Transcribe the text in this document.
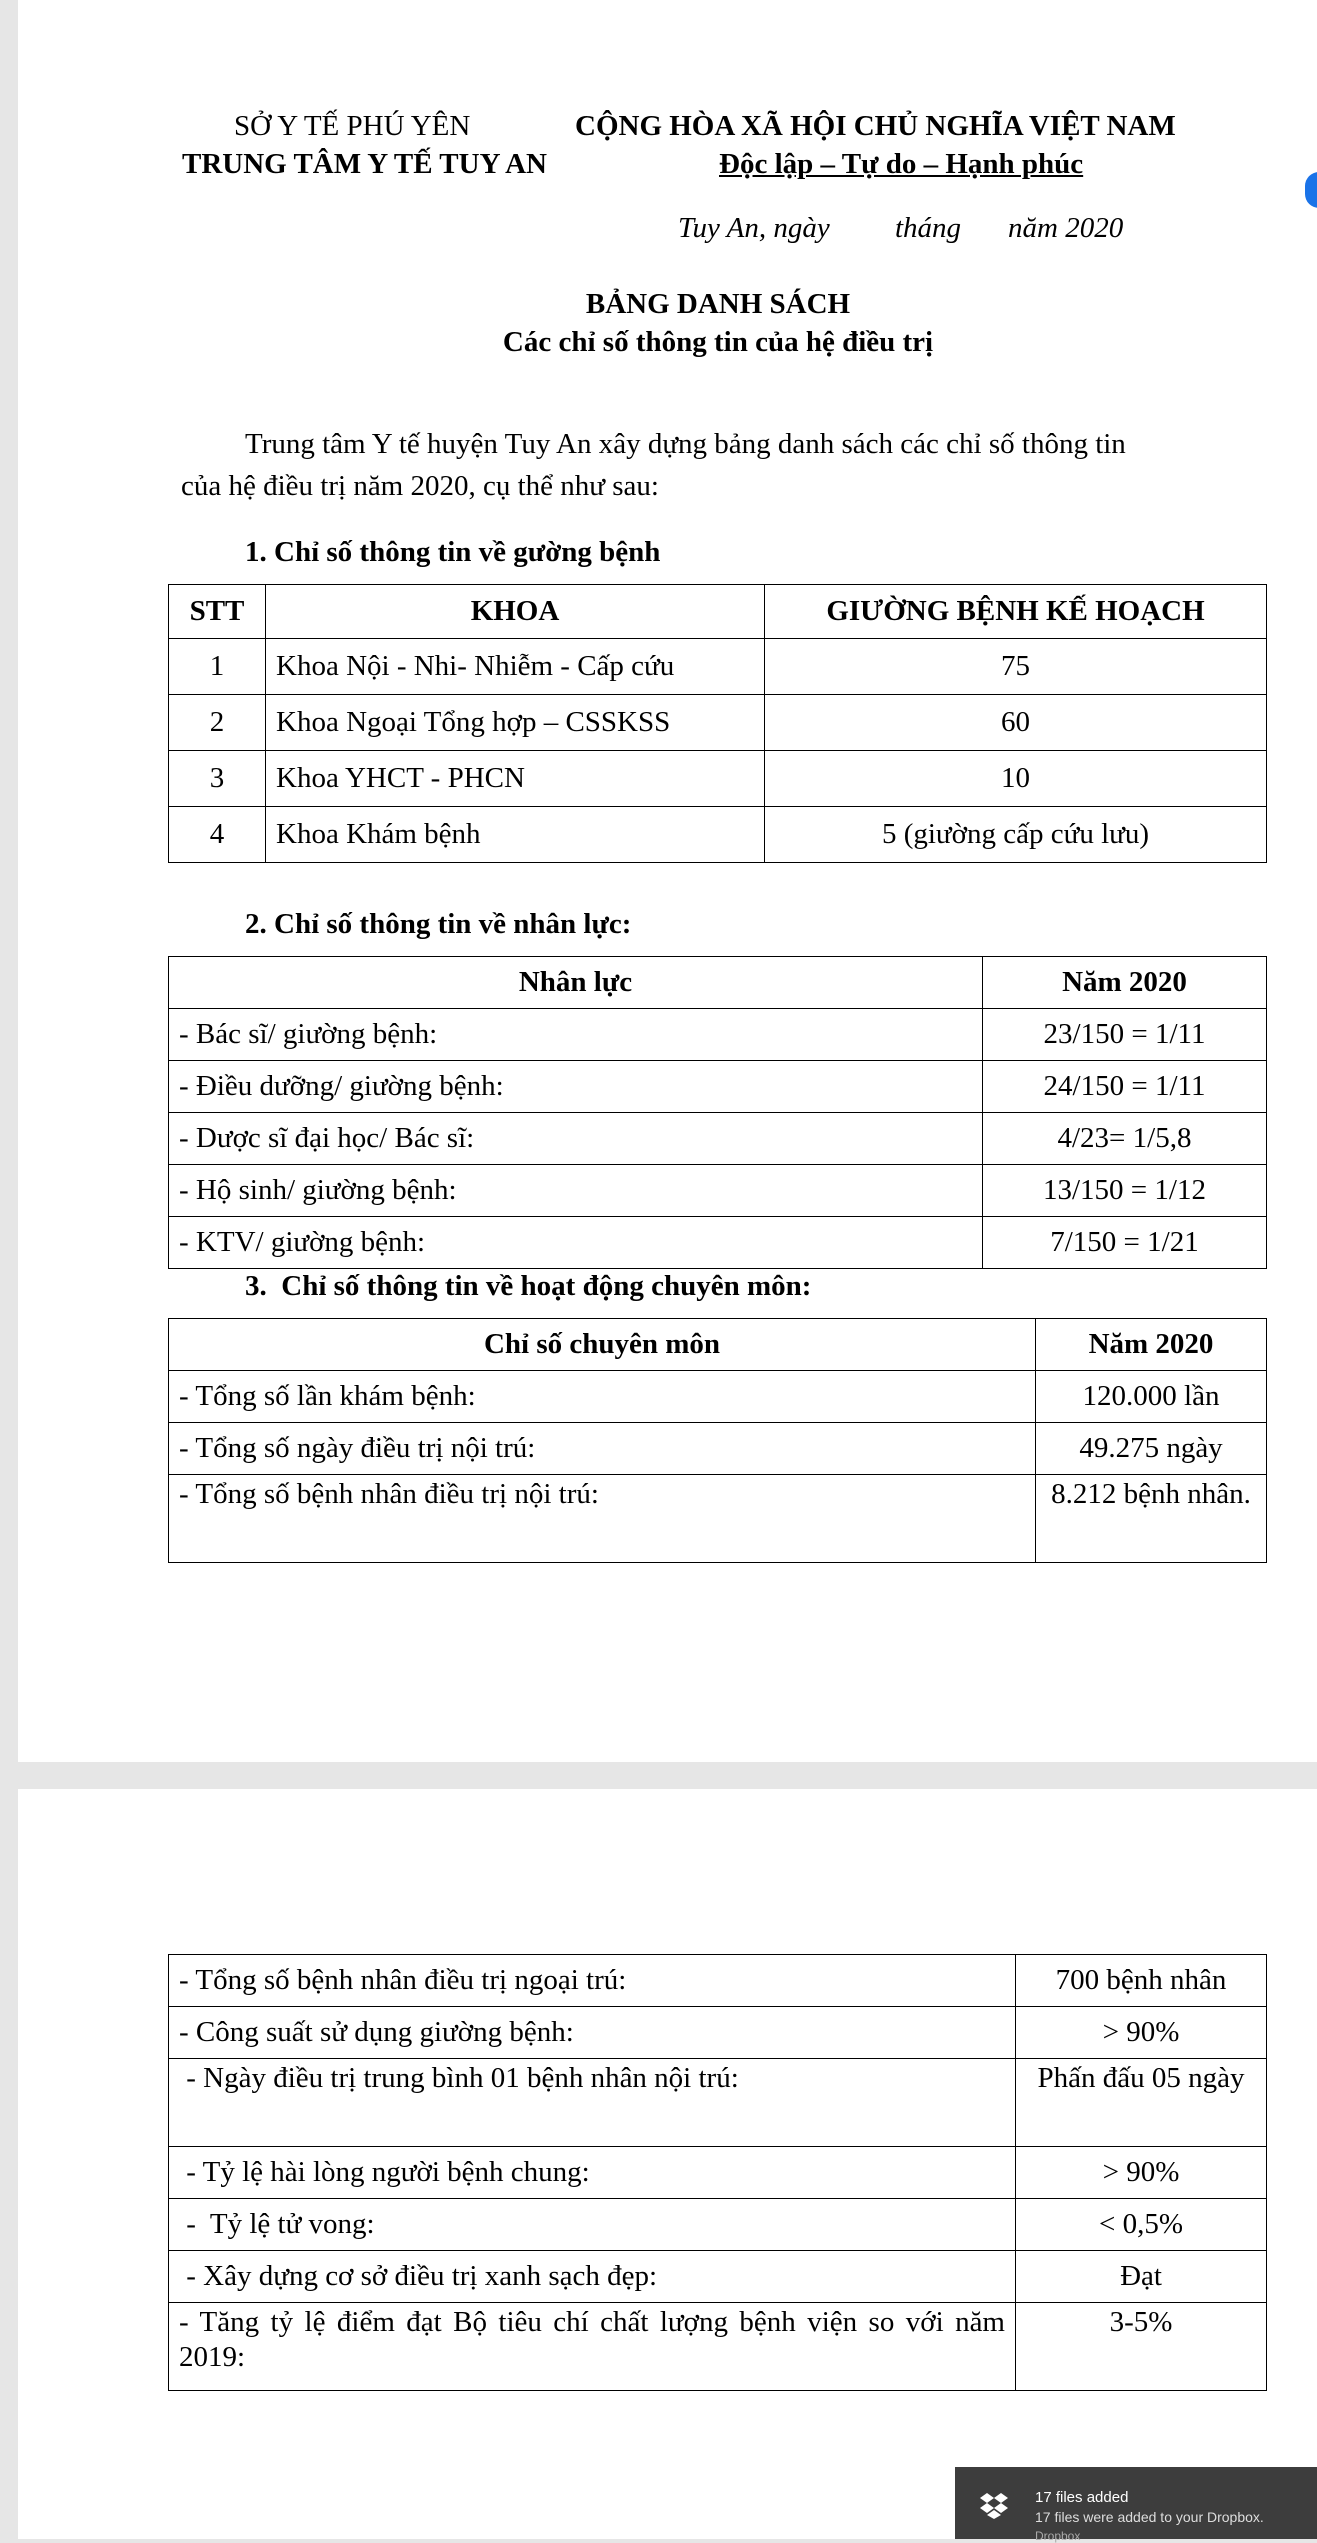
SỞ Y TẾ PHÚ YÊN
TRUNG TÂM Y TẾ TUY AN
CỘNG HÒA XÃ HỘI CHỦ NGHĨA VIỆT NAM
Độc lập – Tự do – Hạnh phúc
Tuy An, ngày tháng năm 2020
BẢNG DANH SÁCH
Các chỉ số thông tin của hệ điều trị
Trung tâm Y tế huyện Tuy An xây dựng bảng danh sách các chỉ số thông tin
của hệ điều trị năm 2020, cụ thể như sau:
1. Chỉ số thông tin về gường bệnh
STT	KHOA	GIƯỜNG BỆNH KẾ HOẠCH
1	Khoa Nội - Nhi- Nhiễm - Cấp cứu	75
2	Khoa Ngoại Tổng hợp – CSSKSS	60
3	Khoa YHCT - PHCN	10
4	Khoa Khám bệnh	5 (giường cấp cứu lưu)
2. Chỉ số thông tin về nhân lực:
Nhân lực	Năm 2020
- Bác sĩ/ giường bệnh:	23/150 = 1/11
- Điều dưỡng/ giường bệnh:	24/150 = 1/11
- Dược sĩ đại học/ Bác sĩ:	4/23= 1/5,8
- Hộ sinh/ giường bệnh:	13/150 = 1/12
- KTV/ giường bệnh:	7/150 = 1/21
3.  Chỉ số thông tin về hoạt động chuyên môn:
Chỉ số chuyên môn	Năm 2020
- Tổng số lần khám bệnh:	120.000 lần
- Tổng số ngày điều trị nội trú:	49.275 ngày
- Tổng số bệnh nhân điều trị nội trú:	8.212 bệnh nhân.
- Tổng số bệnh nhân điều trị ngoại trú:	700 bệnh nhân
- Công suất sử dụng giường bệnh:	> 90%
- Ngày điều trị trung bình 01 bệnh nhân nội trú:	Phấn đấu 05 ngày
- Tỷ lệ hài lòng người bệnh chung:	> 90%
-  Tỷ lệ tử vong:	< 0,5%
- Xây dựng cơ sở điều trị xanh sạch đẹp:	Đạt
- Tăng tỷ lệ điểm đạt Bộ tiêu chí chất lượng bệnh viện so với năm 2019:	3-5%
17 files added
17 files were added to your Dropbox.
Dropbox
